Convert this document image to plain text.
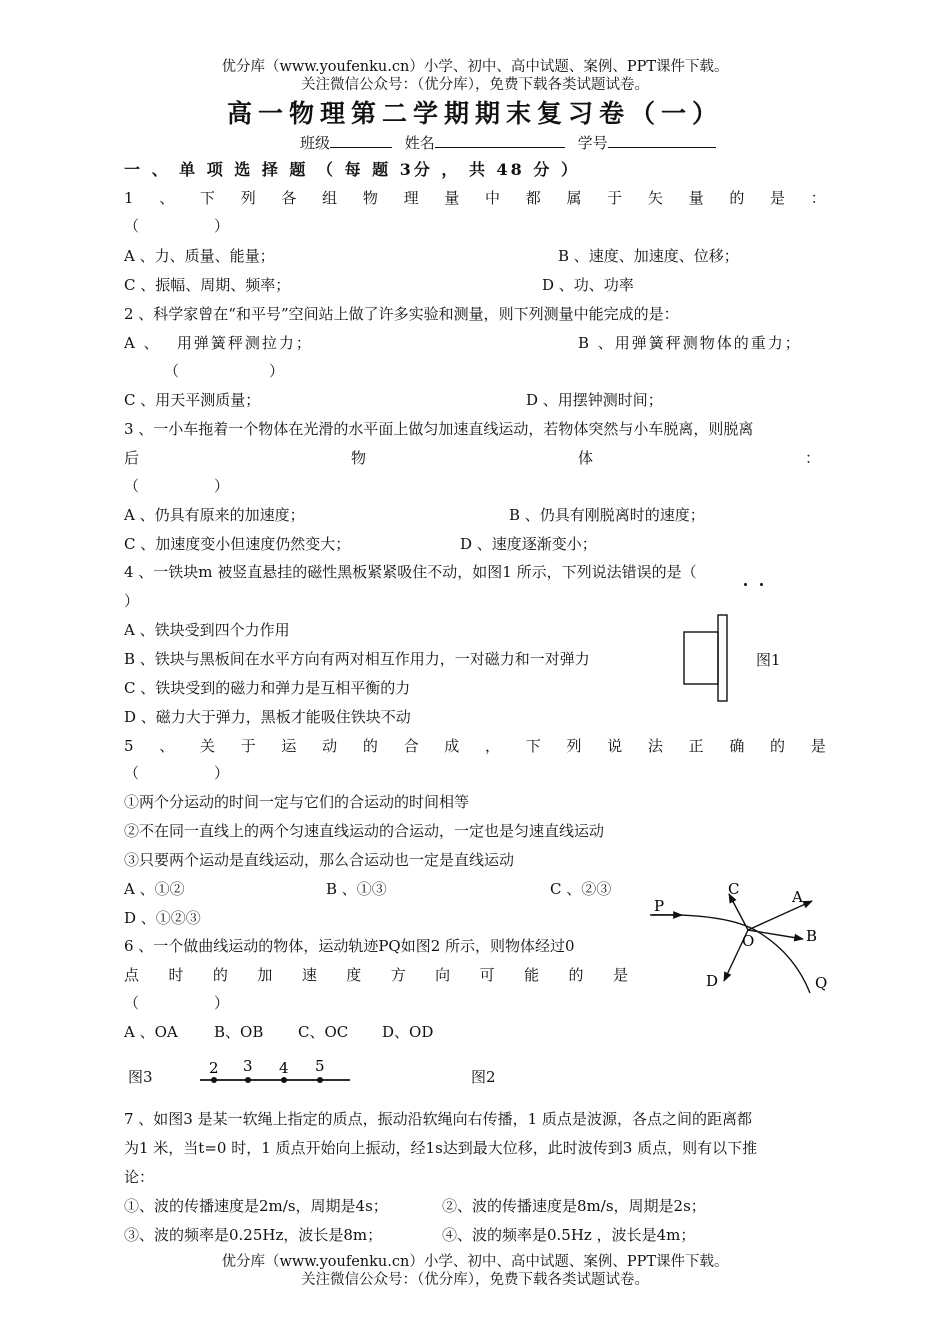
优分库（www.youfenku.cn）小学、初中、高中试题、案例、PPT课件下载。
关注微信公众号：（优分库），免费下载各类试题试卷。
高一物理第二学期期末复习卷（一）
班级	姓名	学号
一 、 单 项 选 择 题 （ 每 题 3分 ， 共 48 分 ）
1 、 下 列 各 组 物 理 量 中 都 属 于 矢 量 的 是 ：
（　　　　　）
A 、力、质量、能量；	B 、速度、加速度、位移；
C 、振幅、周期、频率；	D 、功、功率
2 、科学家曾在“和平号”空间站上做了许多实验和测量，则下列测量中能完成的是：
A 、　 用弹簧秤测拉力；	B 、用弹簧秤测物体的重力；
（　　　　　　）
C 、用天平测质量；	D 、用摆钟测时间；
3 、一小车拖着一个物体在光滑的水平面上做匀加速直线运动，若物体突然与小车脱离，则脱离
后	物	体	：
（　　　　　）
A 、仍具有原来的加速度；	B 、仍具有刚脱离时的速度；
C 、加速度变小但速度仍然变大；	D 、速度逐渐变小；
4 、一铁块m 被竖直悬挂的磁性黑板紧紧吸住不动，如图1 所示，下列说法错误的是（
）
A 、铁块受到四个力作用
B 、铁块与黑板间在水平方向有两对相互作用力，一对磁力和一对弹力
C 、铁块受到的磁力和弹力是互相平衡的力
D 、磁力大于弹力，黑板才能吸住铁块不动
图1
5 、 关 于 运 动 的 合 成 ， 下 列 说 法 正 确 的 是
（　　　　　）
①两个分运动的时间一定与它们的合运动的时间相等
②不在同一直线上的两个匀速直线运动的合运动，一定也是匀速直线运动
③只要两个运动是直线运动，那么合运动也一定是直线运动
A 、①②	B 、①③	C 、②③
D 、①②③
6 、一个做曲线运动的物体，运动轨迹PQ如图2 所示，则物体经过0
点 时 的 加 速 度 方 向 可 能 的 是
（　　　　　）
A 、OA B、OB C、OC D、OD
P
C	A
B
O
D	Q
图3	2 3 4 5
图2
7 、如图3 是某一软绳上指定的质点，振动沿软绳向右传播，1 质点是波源，各点之间的距离都
为1 米，当t=0 时，1 质点开始向上振动，经1s达到最大位移，此时波传到3 质点，则有以下推
论：
①、波的传播速度是2m/s，周期是4s；	②、波的传播速度是8m/s，周期是2s；
③、波的频率是0.25Hz，波长是8m；	④、波的频率是0.5Hz ，波长是4m；
优分库（www.youfenku.cn）小学、初中、高中试题、案例、PPT课件下载。
关注微信公众号：（优分库），免费下载各类试题试卷。
